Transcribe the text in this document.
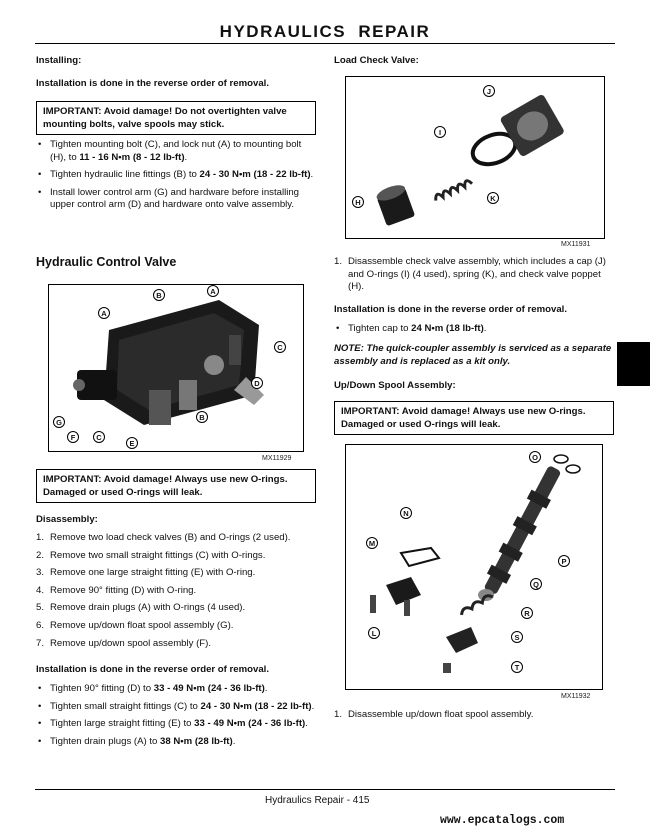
HYDRAULICS REPAIR
Installing:
Installation is done in the reverse order of removal.
IMPORTANT: Avoid damage! Do not overtighten valve mounting bolts, valve spools may stick.

• Tighten mounting bolt (C), and lock nut (A) to mounting bolt (H), to 11 - 16 N•m (8 - 12 lb-ft).

• Tighten hydraulic line fittings (B) to 24 - 30 N•m (18 - 22 lb-ft).

• Install lower control arm (G) and hardware before installing upper control arm (D) and hardware onto valve assembly.

Hydraulic Control Valve
B	A
A
C
D
B
G
F	C
E
MX11929
IMPORTANT: Avoid damage! Always use new O-rings. Damaged or used O-rings will leak.
Disassembly:

1. Remove two load check valves (B) and O-rings (2 used).

2. Remove two small straight fittings (C) with O-rings.

3. Remove one large straight fitting (E) with O-ring.

4. Remove 90° fitting (D) with O-ring.

5. Remove drain plugs (A) with O-rings (4 used).

6. Remove up/down float spool assembly (G).

7. Remove up/down spool assembly (F).

Installation is done in the reverse order of removal.

• Tighten 90° fitting (D) to 33 - 49 N•m (24 - 36 lb-ft).

• Tighten small straight fittings (C) to 24 - 30 N•m (18 - 22 lb-ft).

• Tighten large straight fitting (E) to 33 - 49 N•m (24 - 36 lb-ft).

• Tighten drain plugs (A) to 38 N•m (28 lb-ft).

Load Check Valve:
J
I
H	K
MX11931

1. Disassemble check valve assembly, which includes a cap (J) and O-rings (I) (4 used), spring (K), and check valve poppet (H).

Installation is done in the reverse order of removal.

• Tighten cap to 24 N•m (18 lb-ft).

NOTE: The quick-coupler assembly is serviced as a separate assembly and is replaced as a kit only.
Up/Down Spool Assembly:
IMPORTANT: Avoid damage! Always use new O-rings. Damaged or used O-rings will leak.
O
N
M
P
Q
R
L	S
T
MX11932

1. Disassemble up/down float spool assembly.

Hydraulics Repair - 415
www.epcatalogs.com
